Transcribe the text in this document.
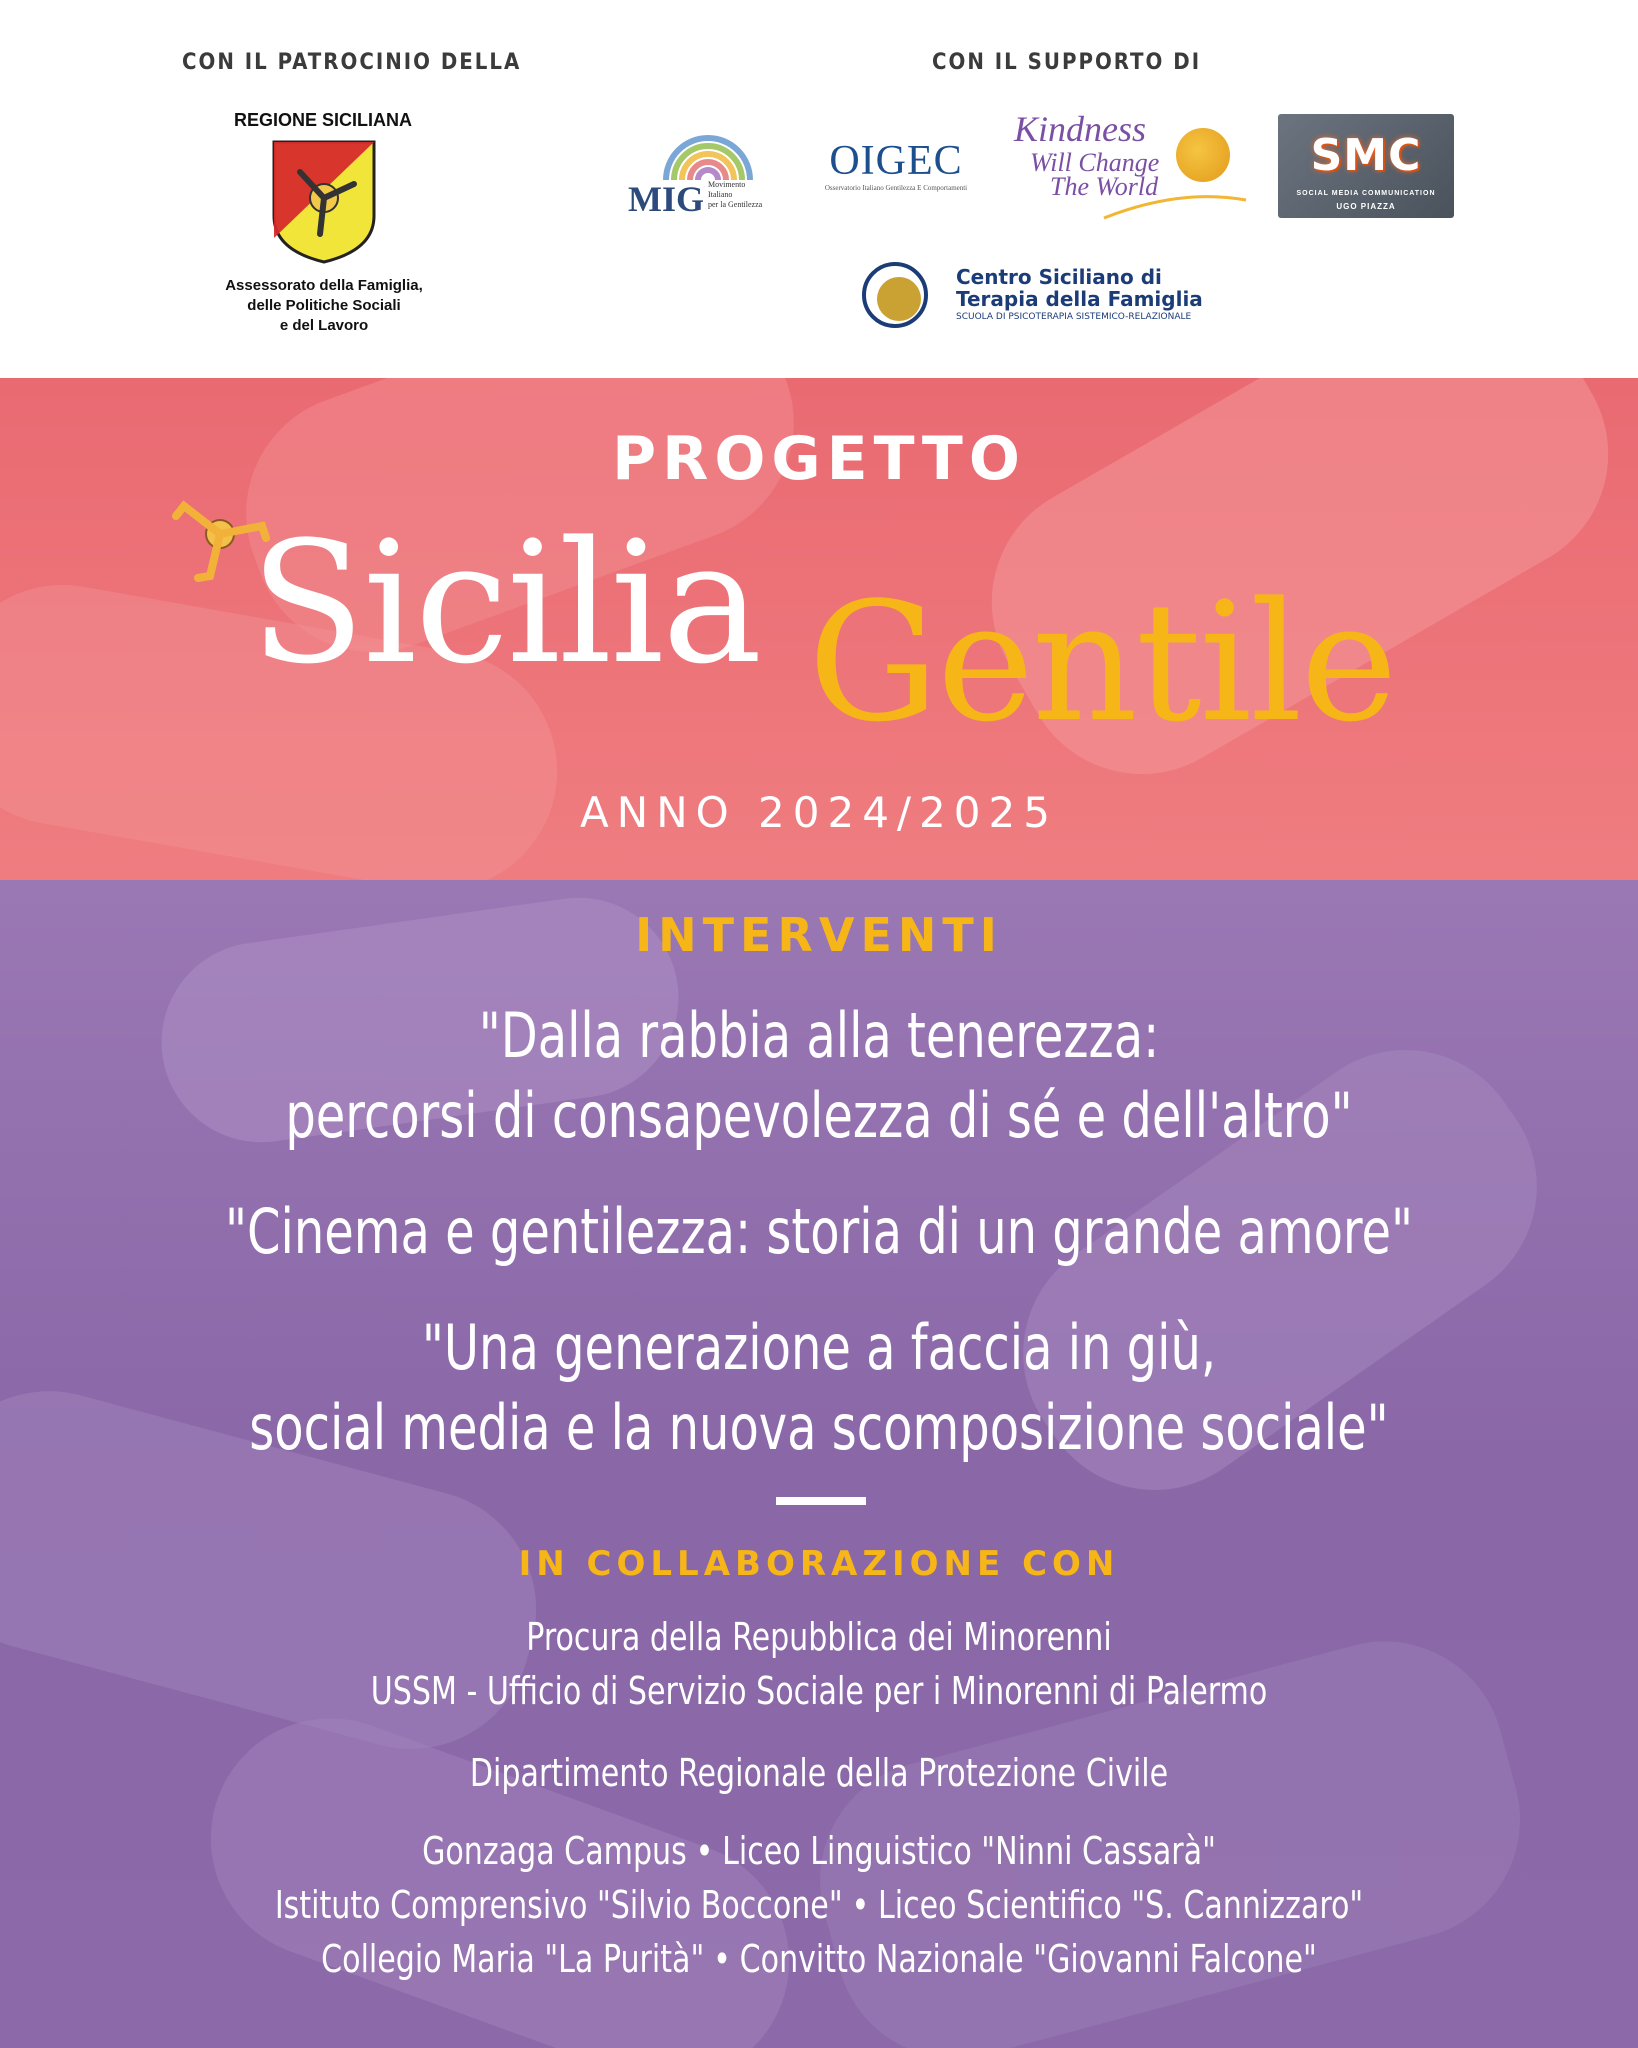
CON IL PATROCINIO DELLA	CON IL SUPPORTO DI
REGIONE SICILIANA
Assessorato della Famiglia,
delle Politiche Sociali
e del Lavoro
MIG Movimento
Italiano
per la Gentilezza
OIGEC
Osservatorio Italiano Gentilezza E Comportamenti
Kindness
Will Change
The World
SMC
SOCIAL MEDIA COMMUNICATION
UGO PIAZZA
Centro Siciliano di
Terapia della Famiglia
SCUOLA DI PSICOTERAPIA SISTEMICO-RELAZIONALE
PROGETTO
Sicilia Gentile
ANNO 2024/2025
INTERVENTI
"Dalla rabbia alla tenerezza:
percorsi di consapevolezza di sé e dell'altro"
"Cinema e gentilezza: storia di un grande amore"
"Una generazione a faccia in giù,
social media e la nuova scomposizione sociale"
IN COLLABORAZIONE CON
Procura della Repubblica dei Minorenni
USSM - Ufficio di Servizio Sociale per i Minorenni di Palermo
Dipartimento Regionale della Protezione Civile
Gonzaga Campus • Liceo Linguistico "Ninni Cassarà"
Istituto Comprensivo "Silvio Boccone" • Liceo Scientifico "S. Cannizzaro"
Collegio Maria "La Purità" • Convitto Nazionale "Giovanni Falcone"
